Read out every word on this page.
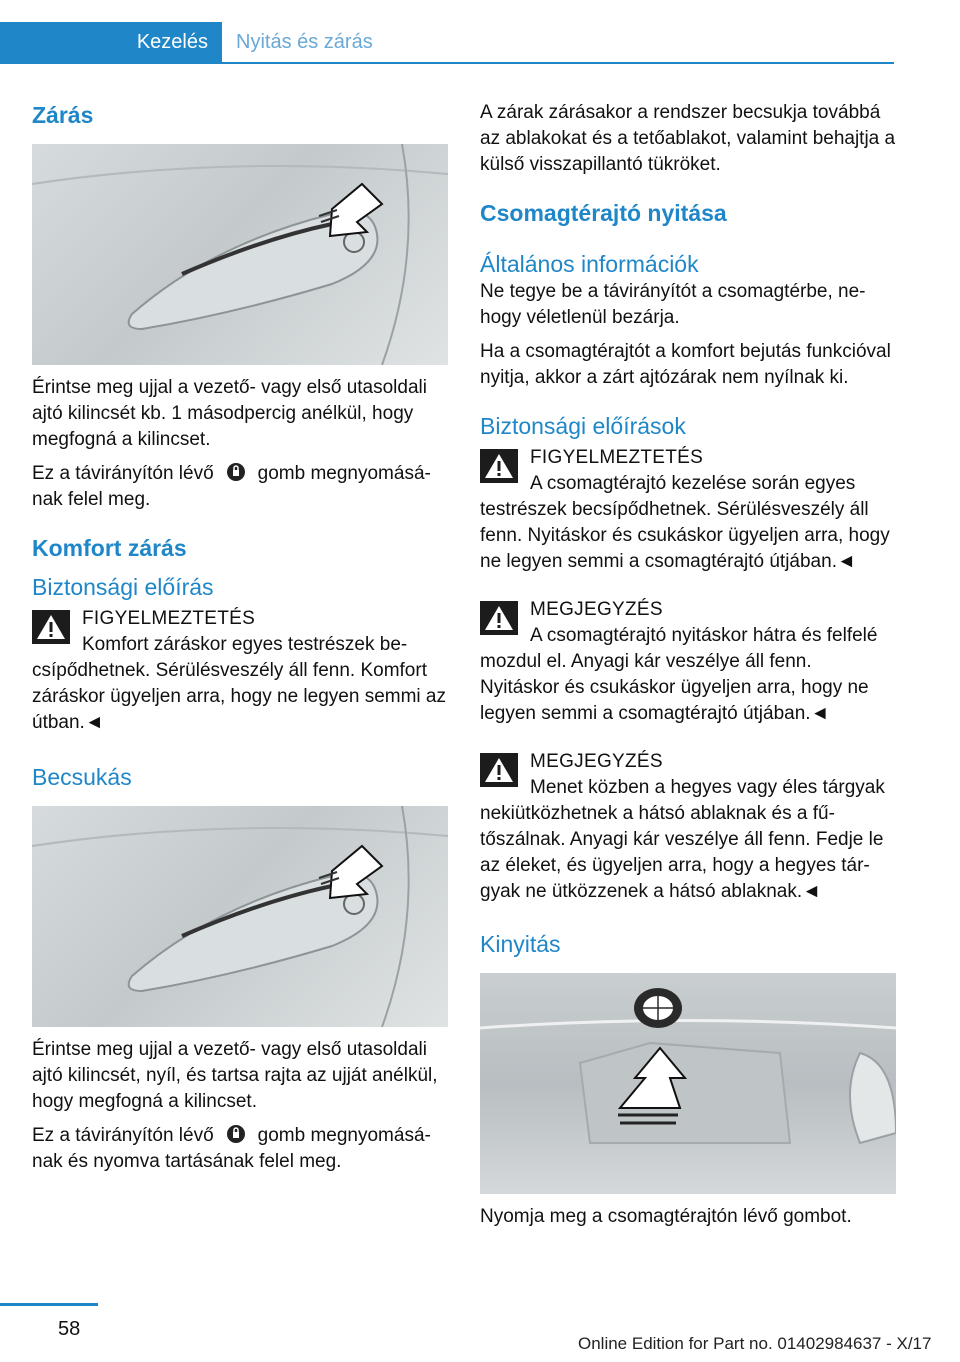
Kezelés Nyitás és zárás
Zárás

Érintse meg ujjal a vezető- vagy első utasoldali ajtó kilincsét kb. 1 másodpercig anélkül, hogy megfogná a kilincset.

Ez a távirányítón lévő gomb megnyomásának felel meg.

Komfort zárás
Biztonsági előírás
FIGYELMEZTETÉS
Komfort záráskor egyes testrészek becsípődhetnek. Sérülésveszély áll fenn. Komfort záráskor ügyeljen arra, hogy ne legyen semmi az útban.◄
Becsukás

Érintse meg ujjal a vezető- vagy első utasoldali ajtó kilincsét, nyíl, és tartsa rajta az ujját anélkül, hogy megfogná a kilincset.

Ez a távirányítón lévő gomb megnyomásának és nyomva tartásának felel meg.

A zárak zárásakor a rendszer becsukja továbbá az ablakokat és a tetőablakot, valamint behajtja a külső visszapillantó tükröket.

Csomagtérajtó nyitása
Általános információk

Ne tegye be a távirányítót a csomagtérbe, nehogy véletlenül bezárja.

Ha a csomagtérajtót a komfort bejutás funkcióval nyitja, akkor a zárt ajtózárak nem nyílnak ki.

Biztonsági előírások
FIGYELMEZTETÉS
A csomagtérajtó kezelése során egyes testrészek becsípődhetnek. Sérülésveszély áll fenn. Nyitáskor és csukáskor ügyeljen arra, hogy ne legyen semmi a csomagtérajtó útjában.◄
MEGJEGYZÉS
A csomagtérajtó nyitáskor hátra és felfelé mozdul el. Anyagi kár veszélye áll fenn. Nyitáskor és csukáskor ügyeljen arra, hogy ne legyen semmi a csomagtérajtó útjában.◄
MEGJEGYZÉS
Menet közben a hegyes vagy éles tárgyak nekiütközhetnek a hátsó ablaknak és a fűtőszálnak. Anyagi kár veszélye áll fenn. Fedje le az éleket, és ügyeljen arra, hogy a hegyes tárgyak ne ütközzenek a hátsó ablaknak.◄
Kinyitás

Nyomja meg a csomagtérajtón lévő gombot.

58
Online Edition for Part no. 01402984637 - X/17
